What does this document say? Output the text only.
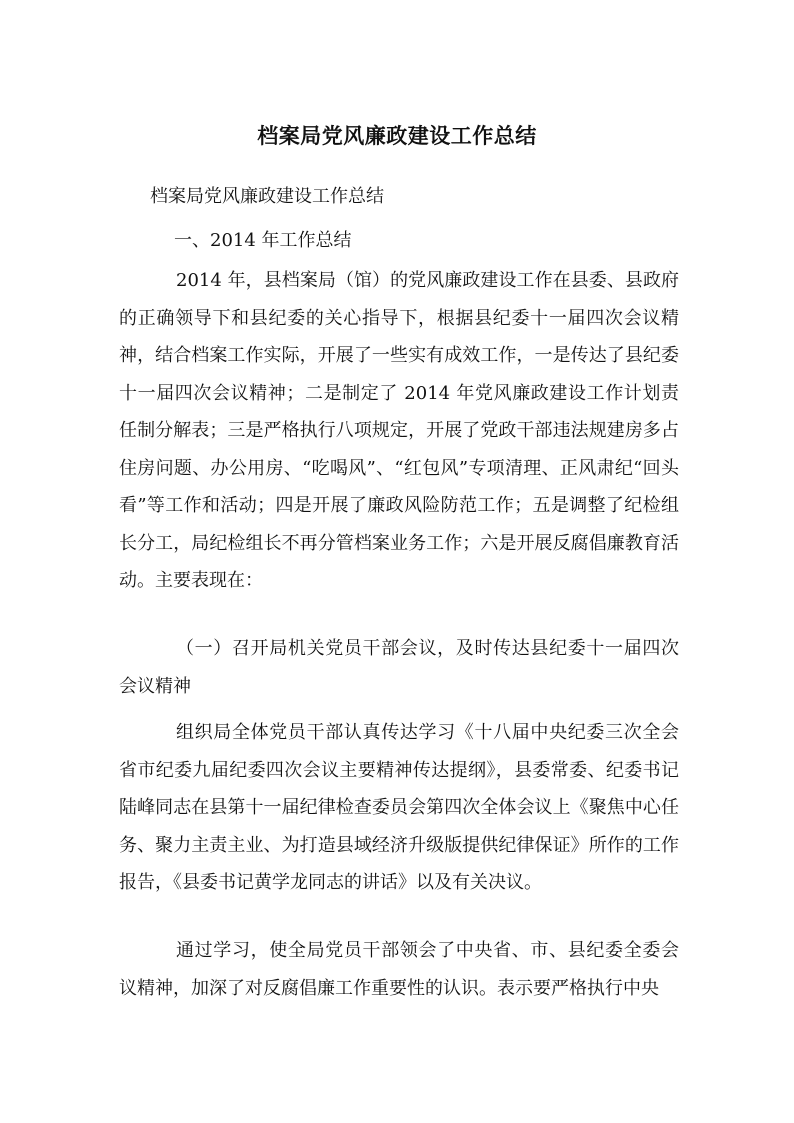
档案局党风廉政建设工作总结
档案局党风廉政建设工作总结
一、2014 年工作总结

2014 年，县档案局（馆）的党风廉政建设工作在县委、县政府的正确领导下和县纪委的关心指导下，根据县纪委十一届四次会议精神，结合档案工作实际，开展了一些实有成效工作，一是传达了县纪委十一届四次会议精神；二是制定了 2014 年党风廉政建设工作计划责任制分解表；三是严格执行八项规定，开展了党政干部违法规建房多占住房问题、办公用房、“吃喝风”、“红包风”专项清理、正风肃纪“回头看”等工作和活动；四是开展了廉政风险防范工作；五是调整了纪检组长分工，局纪检组长不再分管档案业务工作；六是开展反腐倡廉教育活动。主要表现在：

（一）召开局机关党员干部会议，及时传达县纪委十一届四次会议精神

组织局全体党员干部认真传达学习《十八届中央纪委三次全会省市纪委九届纪委四次会议主要精神传达提纲》，县委常委、纪委书记陆峰同志在县第十一届纪律检查委员会第四次全体会议上《聚焦中心任务、聚力主责主业、为打造县域经济升级版提供纪律保证》所作的工作报告，《县委书记黄学龙同志的讲话》以及有关决议。

通过学习，使全局党员干部领会了中央省、市、县纪委全委会议精神，加深了对反腐倡廉工作重要性的认识。表示要严格执行中央
